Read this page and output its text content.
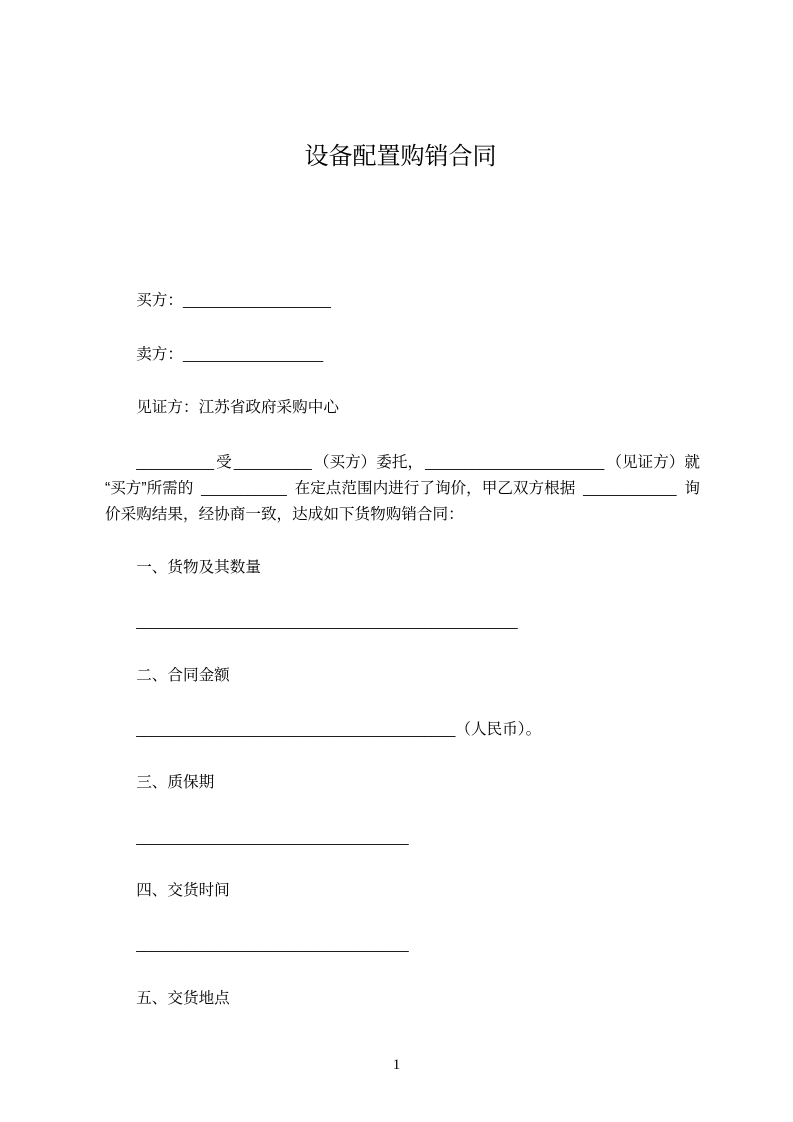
设备配置购销合同
买方：___________________
卖方：__________________
见证方：江苏省政府采购中心
__________ 受 __________ （买方）委托， _______________________ （见证方）就
“买方”所需的 ___________ 在定点范围内进行了询价，甲乙双方根据 ____________ 询
价采购结果，经协商一致，达成如下货物购销合同：
一、货物及其数量
_________________________________________________
二、合同金额
_________________________________________（人民币）。
三、质保期
___________________________________
四、交货时间
___________________________________
五、交货地点
1
